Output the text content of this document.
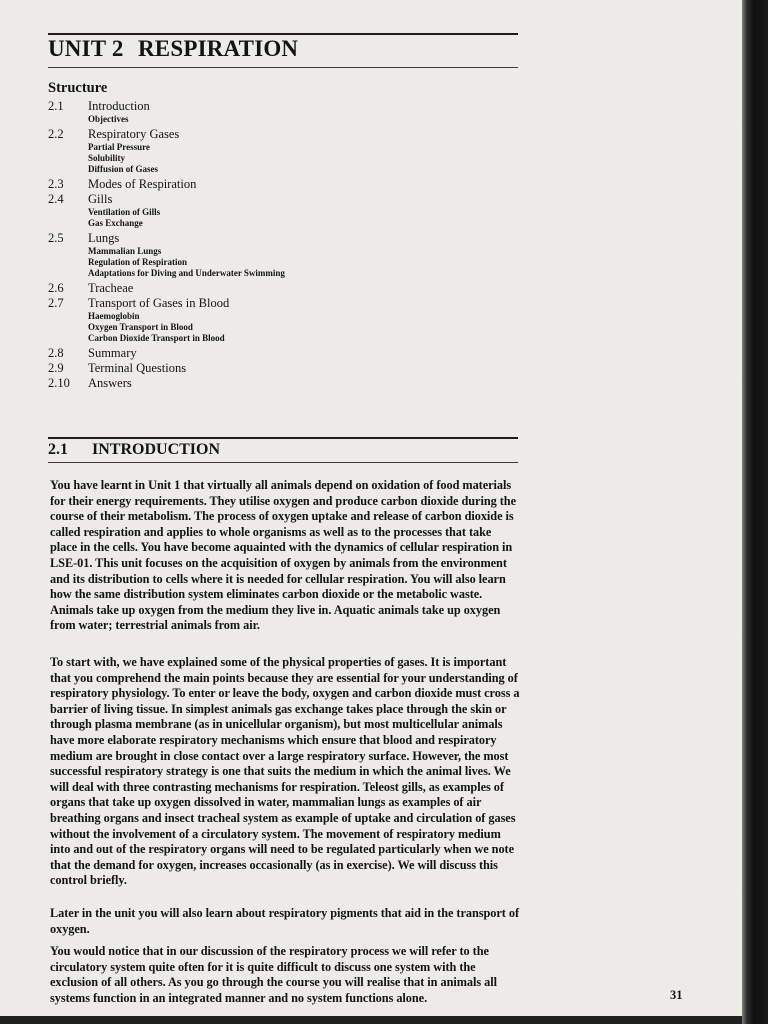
UNIT 2 RESPIRATION
Structure
2.1 Introduction
Objectives
2.2 Respiratory Gases
Partial Pressure
Solubility
Diffusion of Gases
2.3 Modes of Respiration
2.4 Gills
Ventilation of Gills
Gas Exchange
2.5 Lungs
Mammalian Lungs
Regulation of Respiration
Adaptations for Diving and Underwater Swimming
2.6 Tracheae
2.7 Transport of Gases in Blood
Haemoglobin
Oxygen Transport in Blood
Carbon Dioxide Transport in Blood
2.8 Summary
2.9 Terminal Questions
2.10 Answers
2.1 INTRODUCTION

You have learnt in Unit 1 that virtually all animals depend on oxidation of food materials for their energy requirements. They utilise oxygen and produce carbon dioxide during the course of their metabolism. The process of oxygen uptake and release of carbon dioxide is called respiration and applies to whole organisms as well as to the processes that take place in the cells. You have become aquainted with the dynamics of cellular respiration in LSE-01. This unit focuses on the acquisition of oxygen by animals from the environment and its distribution to cells where it is needed for cellular respiration. You will also learn how the same distribution system eliminates carbon dioxide or the metabolic waste. Animals take up oxygen from the medium they live in. Aquatic animals take up oxygen from water; terrestrial animals from air.

To start with, we have explained some of the physical properties of gases. It is important that you comprehend the main points because they are essential for your understanding of respiratory physiology. To enter or leave the body, oxygen and carbon dioxide must cross a barrier of living tissue. In simplest animals gas exchange takes place through the skin or through plasma membrane (as in unicellular organism), but most multicellular animals have more elaborate respiratory mechanisms which ensure that blood and respiratory medium are brought in close contact over a large respiratory surface. However, the most successful respiratory strategy is one that suits the medium in which the animal lives. We will deal with three contrasting mechanisms for respiration. Teleost gills, as examples of organs that take up oxygen dissolved in water, mammalian lungs as examples of air breathing organs and insect tracheal system as example of uptake and circulation of gases without the involvement of a circulatory system. The movement of respiratory medium into and out of the respiratory organs will need to be regulated particularly when we note that the demand for oxygen, increases occasionally (as in exercise). We will discuss this control briefly.

Later in the unit you will also learn about respiratory pigments that aid in the transport of oxygen.

You would notice that in our discussion of the respiratory process we will refer to the circulatory system quite often for it is quite difficult to discuss one system with the exclusion of all others. As you go through the course you will realise that in animals all systems function in an integrated manner and no system functions alone.	31
